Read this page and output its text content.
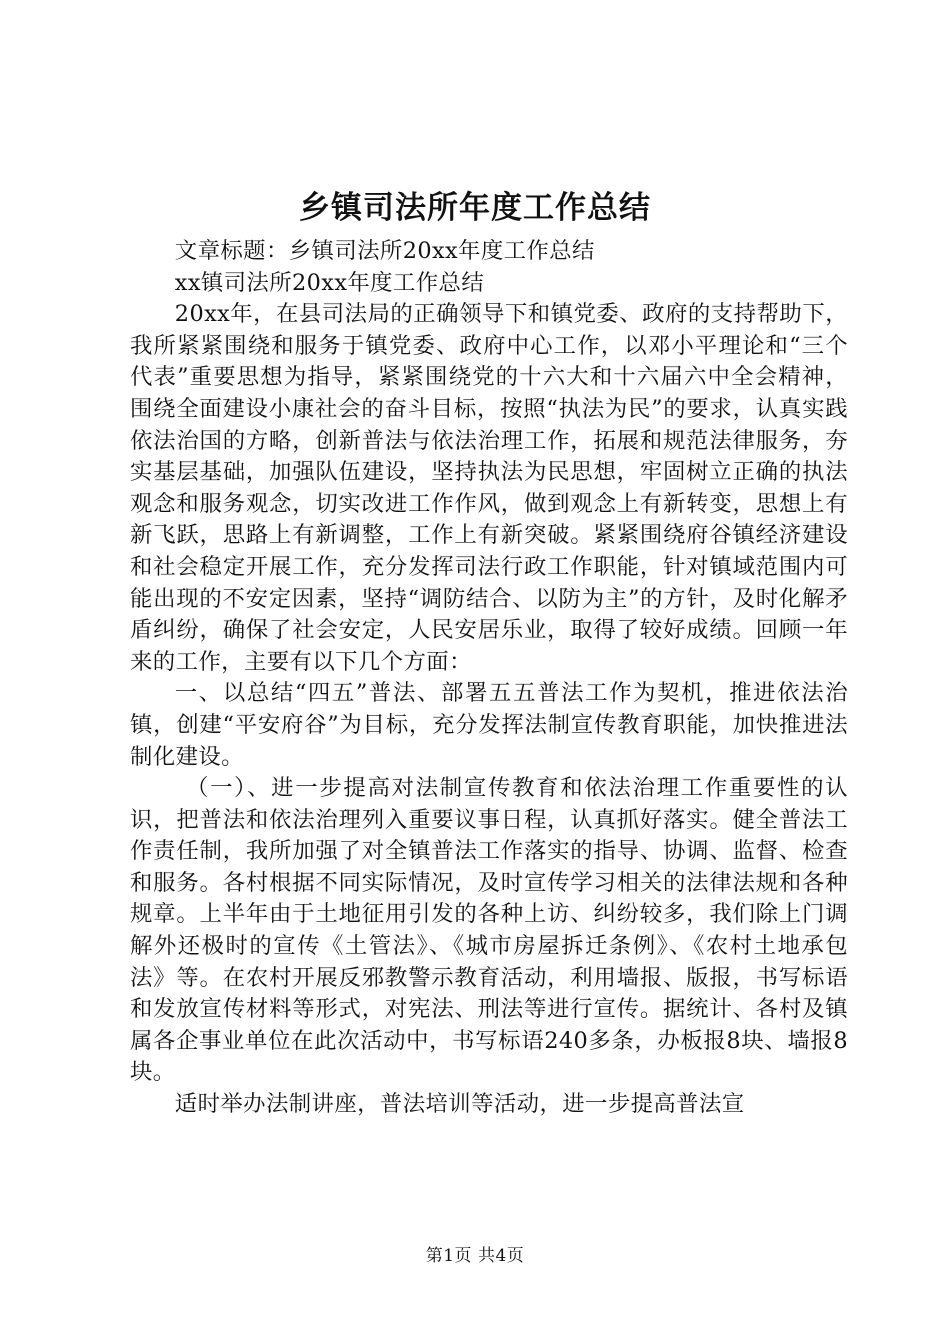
乡镇司法所年度工作总结

文章标题：乡镇司法所20xx年度工作总结

xx镇司法所20xx年度工作总结

20xx年，在县司法局的正确领导下和镇党委、政府的支持帮助下，我所紧紧围绕和服务于镇党委、政府中心工作，以邓小平理论和“三个代表”重要思想为指导，紧紧围绕党的十六大和十六届六中全会精神，围绕全面建设小康社会的奋斗目标，按照“执法为民”的要求，认真实践依法治国的方略，创新普法与依法治理工作，拓展和规范法律服务，夯实基层基础，加强队伍建设，坚持执法为民思想，牢固树立正确的执法观念和服务观念，切实改进工作作风，做到观念上有新转变，思想上有新飞跃，思路上有新调整，工作上有新突破。紧紧围绕府谷镇经济建设和社会稳定开展工作，充分发挥司法行政工作职能，针对镇域范围内可能出现的不安定因素，坚持“调防结合、以防为主”的方针，及时化解矛盾纠纷，确保了社会安定，人民安居乐业，取得了较好成绩。回顾一年来的工作，主要有以下几个方面：

一、以总结“四五”普法、部署五五普法工作为契机，推进依法治镇，创建“平安府谷”为目标，充分发挥法制宣传教育职能，加快推进法制化建设。

（一）、进一步提高对法制宣传教育和依法治理工作重要性的认识，把普法和依法治理列入重要议事日程，认真抓好落实。健全普法工作责任制，我所加强了对全镇普法工作落实的指导、协调、监督、检查和服务。各村根据不同实际情况，及时宣传学习相关的法律法规和各种规章。上半年由于土地征用引发的各种上访、纠纷较多，我们除上门调解外还极时的宣传《土管法》、《城市房屋拆迁条例》、《农村土地承包法》等。在农村开展反邪教警示教育活动，利用墙报、版报，书写标语和发放宣传材料等形式，对宪法、刑法等进行宣传。据统计、各村及镇属各企事业单位在此次活动中，书写标语240多条，办板报8块、墙报8块。

适时举办法制讲座，普法培训等活动，进一步提高普法宣

第1页 共4页
